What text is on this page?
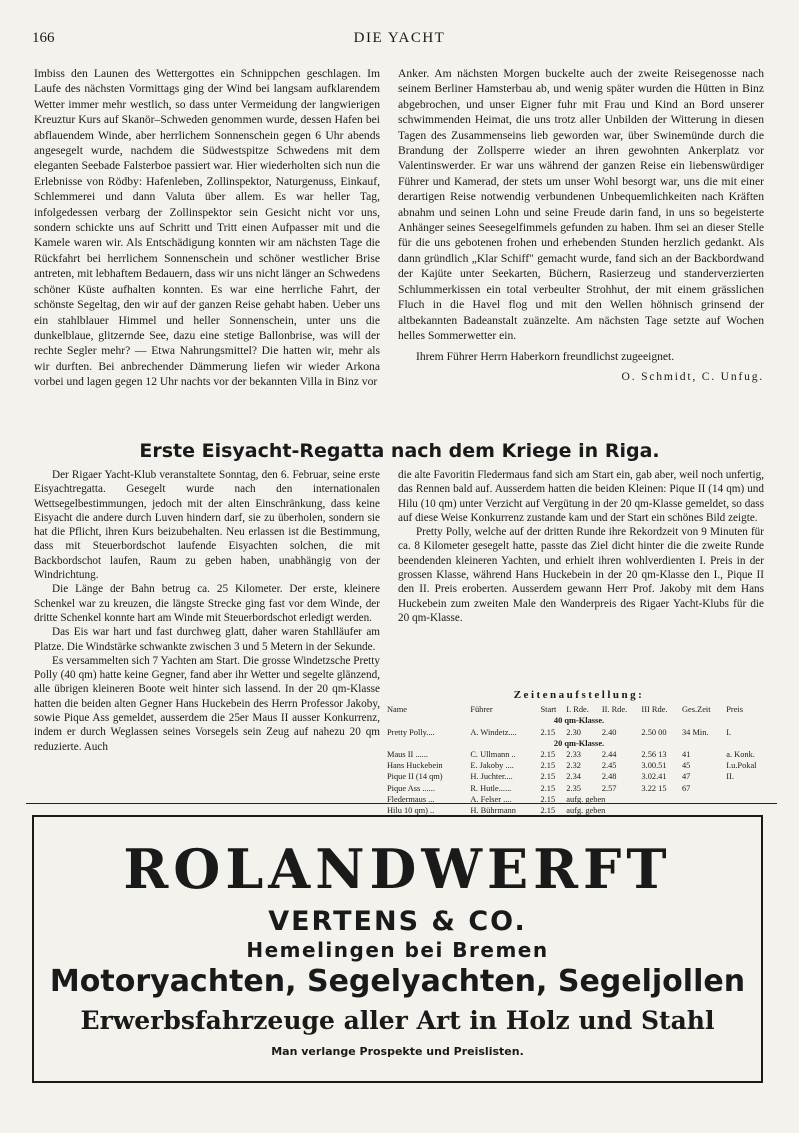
166	DIE YACHT

Imbiss den Launen des Wettergottes ein Schnippchen geschlagen. Im Laufe des nächsten Vormittags ging der Wind bei langsam aufklarendem Wetter immer mehr westlich, so dass unter Vermeidung der langwierigen Kreuztur Kurs auf Skanör–Schweden genommen wurde, dessen Hafen bei abflauendem Winde, aber herrlichem Sonnenschein gegen 6 Uhr abends angesegelt wurde, nachdem die Südwestspitze Schwedens mit dem eleganten Seebade Falsterboe passiert war. Hier wiederholten sich nun die Erlebnisse von Rödby: Hafenleben, Zollinspektor, Naturgenuss, Einkauf, Schlemmerei und dann Valuta über allem. Es war heller Tag, infolgedessen verbarg der Zollinspektor sein Gesicht nicht vor uns, sondern schickte uns auf Schritt und Tritt einen Aufpasser mit und die Kamele waren wir. Als Entschädigung konnten wir am nächsten Tage die Rückfahrt bei herrlichem Sonnenschein und schöner westlicher Brise antreten, mit lebhaftem Bedauern, dass wir uns nicht länger an Schwedens schöner Küste aufhalten konnten. Es war eine herrliche Fahrt, der schönste Segeltag, den wir auf der ganzen Reise gehabt haben. Ueber uns ein stahlblauer Himmel und heller Sonnenschein, unter uns die dunkelblaue, glitzernde See, dazu eine stetige Ballonbrise, was will der rechte Segler mehr? — Etwa Nahrungsmittel? Die hatten wir, mehr als wir durften. Bei anbrechender Dämmerung liefen wir wieder Arkona vorbei und lagen gegen 12 Uhr nachts vor der bekannten Villa in Binz vor

Anker. Am nächsten Morgen buckelte auch der zweite Reisegenosse nach seinem Berliner Hamsterbau ab, und wenig später wurden die Hütten in Binz abgebrochen, und unser Eigner fuhr mit Frau und Kind an Bord unserer schwimmenden Heimat, die uns trotz aller Unbilden der Witterung in diesen Tagen des Zusammenseins lieb geworden war, über Swinemünde durch die Brandung der Zollsperre wieder an ihren gewohnten Ankerplatz vor Valentinswerder. Er war uns während der ganzen Reise ein liebenswürdiger Führer und Kamerad, der stets um unser Wohl besorgt war, uns die mit einer derartigen Reise notwendig verbundenen Unbequemlichkeiten nach Kräften abnahm und seinen Lohn und seine Freude darin fand, in uns so begeisterte Anhänger seines Seesegelfimmels gefunden zu haben. Ihm sei an dieser Stelle für die uns gebotenen frohen und erhebenden Stunden herzlich gedankt. Als dann gründlich „Klar Schiff" gemacht wurde, fand sich an der Backbordwand der Kajüte unter Seekarten, Büchern, Rasierzeug und standerverzierten Schlummerkissen ein total verbeulter Strohhut, der mit einem grässlichen Fluch in die Havel flog und mit den Wellen höhnisch grinsend der altbekannten Badeanstalt zuänzelte. Am nächsten Tage setzte auf Wochen helles Sommerwetter ein.

Ihrem Führer Herrn Haberkorn freundlichst zugeeignet.

O. Schmidt, C. Unfug.

Erste Eisyacht-Regatta nach dem Kriege in Riga.

Der Rigaer Yacht-Klub veranstaltete Sonntag, den 6. Februar, seine erste Eisyachtregatta. Gesegelt wurde nach den internationalen Wettsegelbestimmungen, jedoch mit der alten Einschränkung, dass keine Eisyacht die andere durch Luven hindern darf, sie zu überholen, sondern sie hat die Pflicht, ihren Kurs beizubehalten. Neu erlassen ist die Bestimmung, dass mit Steuerbordschot laufende Eisyachten solchen, die mit Backbordschot laufen, Raum zu geben haben, unabhängig von der Windrichtung.

Die Länge der Bahn betrug ca. 25 Kilometer. Der erste, kleinere Schenkel war zu kreuzen, die längste Strecke ging fast vor dem Winde, der dritte Schenkel konnte hart am Winde mit Steuerbordschot erledigt werden.

Das Eis war hart und fast durchweg glatt, daher waren Stahlläufer am Platze. Die Windstärke schwankte zwischen 3 und 5 Metern in der Sekunde.

Es versammelten sich 7 Yachten am Start. Die grosse Windetzsche Pretty Polly (40 qm) hatte keine Gegner, fand aber ihr Wetter und segelte glänzend, alle übrigen kleineren Boote weit hinter sich lassend. In der 20 qm-Klasse hatten die beiden alten Gegner Hans Huckebein des Herrn Professor Jakoby, sowie Pique Ass gemeldet, ausserdem die 25er Maus II ausser Konkurrenz, indem er durch Weglassen seines Vorsegels sein Zeug auf nahezu 20 qm reduzierte. Auch

die alte Favoritin Fledermaus fand sich am Start ein, gab aber, weil noch unfertig, das Rennen bald auf. Ausserdem hatten die beiden Kleinen: Pique II (14 qm) und Hilu (10 qm) unter Verzicht auf Vergütung in der 20 qm-Klasse gemeldet, so dass auf diese Weise Konkurrenz zustande kam und der Start ein schönes Bild zeigte.

Pretty Polly, welche auf der dritten Runde ihre Rekordzeit von 9 Minuten für ca. 8 Kilometer gesegelt hatte, passte das Ziel dicht hinter die die zweite Runde beendenden kleineren Yachten, und erhielt ihren wohlverdienten I. Preis in der grossen Klasse, während Hans Huckebein in der 20 qm-Klasse den I., Pique II den II. Preis eroberten. Ausserdem gewann Herr Prof. Jakoby mit dem Hans Huckebein zum zweiten Male den Wanderpreis des Rigaer Yacht-Klubs für die 20 qm-Klasse.

Zeitenaufstellung:
Name	Führer	Start	I. Rde.	II. Rde.	III Rde.	Ges.Zeit	Preis
40 qm-Klasse.							
Pretty Polly....	A. Windetz....	2.15	2.30	2.40	2.50 00	34 Min.	I.
20 qm-Klasse.							
Maus II ......	C. Ullmann ..	2.15	2.33	2.44	2.56 13	41	a. Konk.
Hans Huckebein	E. Jakoby ....	2.15	2.32	2.45	3.00.51	45	I.u.Pokal
Pique II (14 qm)	H. Juchter....	2.15	2.34	2.48	3.02.41	47	II.
Pique Ass ......	R. Hutle......	2.15	2.35	2.57	3.22 15	67	
Fledermaus ...	A. Felser ....	2.15	aufg. geben				
Hilu 10 qm) ..	H. Bührmann	2.15	aufg. geben				
ROLANDWERFT
VERTENS & CO.
Hemelingen bei Bremen
Motoryachten, Segelyachten, Segeljollen
Erwerbsfahrzeuge aller Art in Holz und Stahl
Man verlange Prospekte und Preislisten.
